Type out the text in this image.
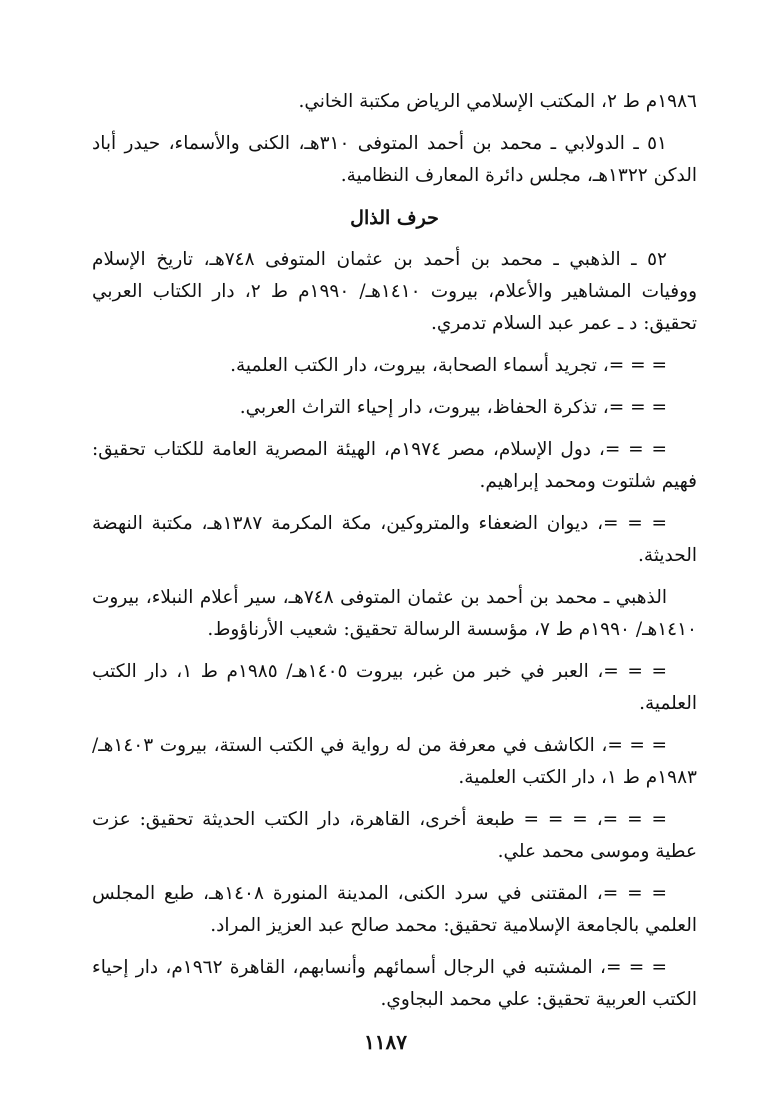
١٩٨٦م ط ٢، المكتب الإسلامي الرياض مكتبة الخاني.

٥١ ـ الدولابي ـ محمد بن أحمد المتوفى ٣١٠هـ، الكنى والأسماء، حيدر أباد الدكن ١٣٢٢هـ، مجلس دائرة المعارف النظامية.

حرف الذال

٥٢ ـ الذهبي ـ محمد بن أحمد بن عثمان المتوفى ٧٤٨هـ، تاريخ الإسلام ووفيات المشاهير والأعلام، بيروت ١٤١٠هـ/ ١٩٩٠م ط ٢، دار الكتاب العربي تحقيق: د ـ عمر عبد السلام تدمري.

= = =، تجريد أسماء الصحابة، بيروت، دار الكتب العلمية.

= = =، تذكرة الحفاظ، بيروت، دار إحياء التراث العربي.

= = =، دول الإسلام، مصر ١٩٧٤م، الهيئة المصرية العامة للكتاب تحقيق: فهيم شلتوت ومحمد إبراهيم.

= = =، ديوان الضعفاء والمتروكين، مكة المكرمة ١٣٨٧هـ، مكتبة النهضة الحديثة.

الذهبي ـ محمد بن أحمد بن عثمان المتوفى ٧٤٨هـ، سير أعلام النبلاء، بيروت ١٤١٠هـ/ ١٩٩٠م ط ٧، مؤسسة الرسالة تحقيق: شعيب الأرناؤوط.

= = =، العبر في خبر من غبر، بيروت ١٤٠٥هـ/ ١٩٨٥م ط ١، دار الكتب العلمية.

= = =، الكاشف في معرفة من له رواية في الكتب الستة، بيروت ١٤٠٣هـ/ ١٩٨٣م ط ١، دار الكتب العلمية.

= = =، = = = طبعة أخرى، القاهرة، دار الكتب الحديثة تحقيق: عزت عطية وموسى محمد علي.

= = =، المقتنى في سرد الكنى، المدينة المنورة ١٤٠٨هـ، طبع المجلس العلمي بالجامعة الإسلامية تحقيق: محمد صالح عبد العزيز المراد.

= = =، المشتبه في الرجال أسمائهم وأنسابهم، القاهرة ١٩٦٢م، دار إحياء الكتب العربية تحقيق: علي محمد البجاوي.

١١٨٧
